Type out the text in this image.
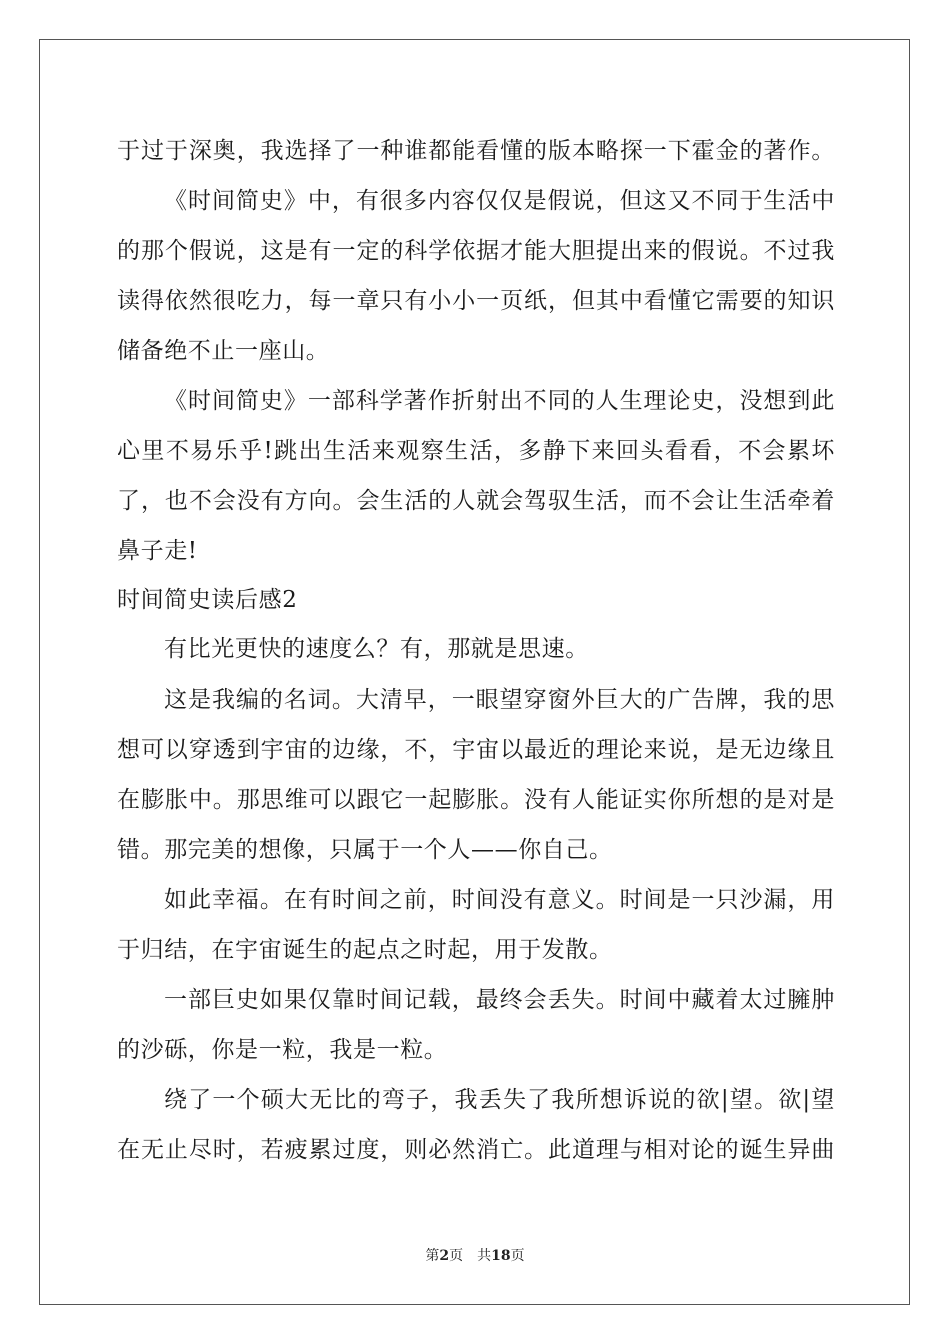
于过于深奥，我选择了一种谁都能看懂的版本略探一下霍金的著作。
《时间简史》中，有很多内容仅仅是假说，但这又不同于生活中
的那个假说，这是有一定的科学依据才能大胆提出来的假说。不过我
读得依然很吃力，每一章只有小小一页纸，但其中看懂它需要的知识
储备绝不止一座山。
《时间简史》一部科学著作折射出不同的人生理论史，没想到此
心里不易乐乎!跳出生活来观察生活，多静下来回头看看，不会累坏
了，也不会没有方向。会生活的人就会驾驭生活，而不会让生活牵着
鼻子走!
时间简史读后感2
有比光更快的速度么？有，那就是思速。
这是我编的名词。大清早，一眼望穿窗外巨大的广告牌，我的思
想可以穿透到宇宙的边缘，不，宇宙以最近的理论来说，是无边缘且
在膨胀中。那思维可以跟它一起膨胀。没有人能证实你所想的是对是
错。那完美的想像，只属于一个人——你自己。
如此幸福。在有时间之前，时间没有意义。时间是一只沙漏，用
于归结，在宇宙诞生的起点之时起，用于发散。
一部巨史如果仅靠时间记载，最终会丢失。时间中藏着太过臃肿
的沙砾，你是一粒，我是一粒。
绕了一个硕大无比的弯子，我丢失了我所想诉说的欲|望。欲|望
在无止尽时，若疲累过度，则必然消亡。此道理与相对论的诞生异曲
第2页 共18页
